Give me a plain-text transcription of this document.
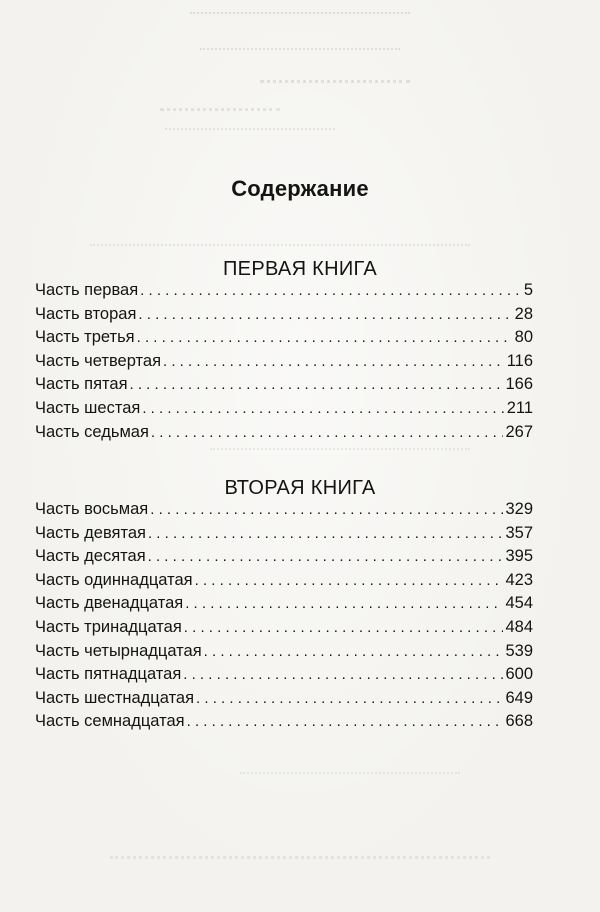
Содержание
ПЕРВАЯ КНИГА
Часть первая . . .	5
Часть вторая . . .	28
Часть третья . . .	80
Часть четвертая . . .	116
Часть пятая . . .	166
Часть шестая . . .	211
Часть седьмая . . .	267
ВТОРАЯ КНИГА
Часть восьмая . . .	329
Часть девятая . . .	357
Часть десятая . . .	395
Часть одиннадцатая . . .	423
Часть двенадцатая . . .	454
Часть тринадцатая . . .	484
Часть четырнадцатая . . .	539
Часть пятнадцатая . . .	600
Часть шестнадцатая . . .	649
Часть семнадцатая . . .	668
